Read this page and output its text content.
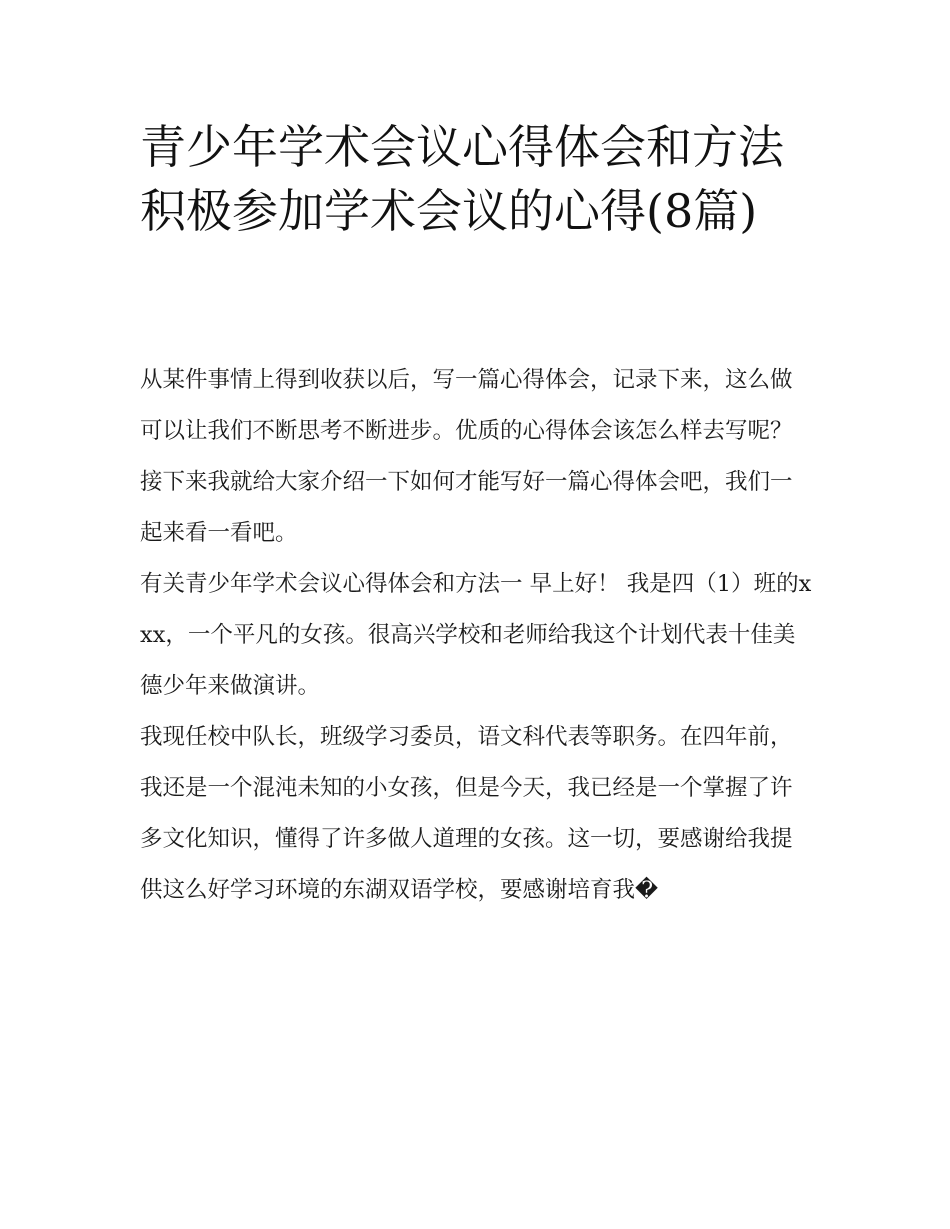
青少年学术会议心得体会和方法 积极参加学术会议的心得(8篇)

从某件事情上得到收获以后，写一篇心得体会，记录下来，这么做可以让我们不断思考不断进步。优质的心得体会该怎么样去写呢？接下来我就给大家介绍一下如何才能写好一篇心得体会吧，我们一起来看一看吧。

有关青少年学术会议心得体会和方法一 早上好！ 我是四（1）班的xxx，一个平凡的女孩。很高兴学校和老师给我这个计划代表十佳美德少年来做演讲。

我现任校中队长，班级学习委员，语文科代表等职务。在四年前，我还是一个混沌未知的小女孩，但是今天，我已经是一个掌握了许多文化知识，懂得了许多做人道理的女孩。这一切，要感谢给我提供这么好学习环境的东湖双语学校，要感谢培育我�
